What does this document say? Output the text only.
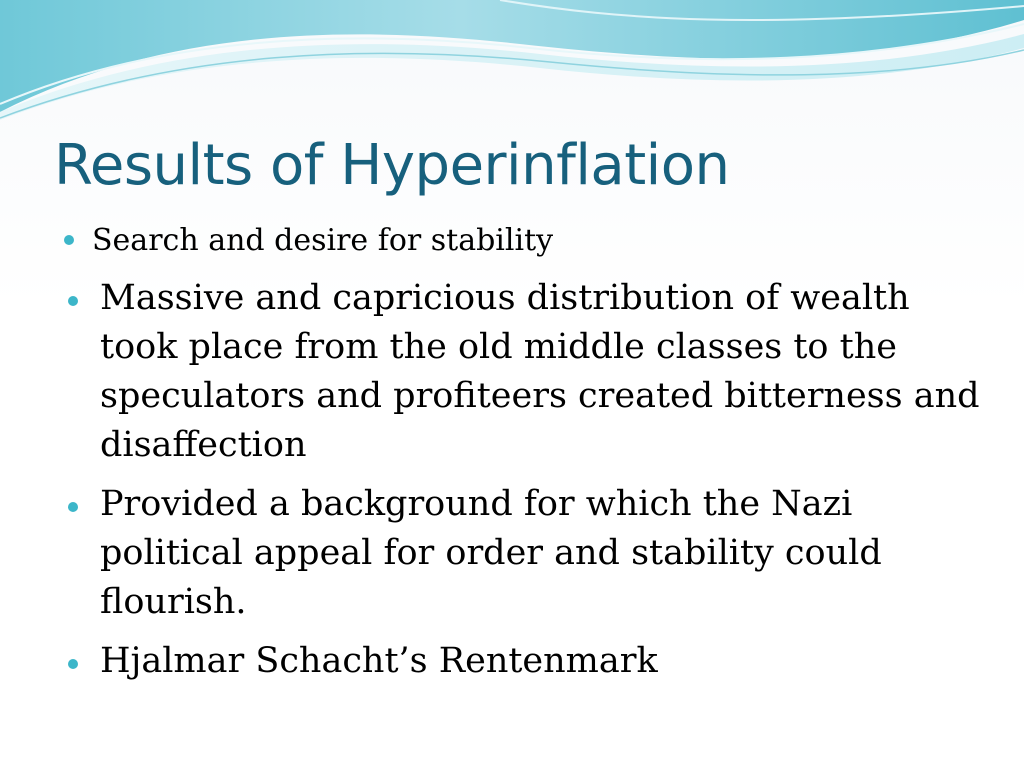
Results of Hyperinflation
Search and desire for stability
Massive and capricious distribution of wealth took place from the old middle classes to the speculators and profiteers created bitterness and disaffection
Provided a background for which the Nazi political appeal for order and stability could flourish.
Hjalmar Schacht’s Rentenmark
